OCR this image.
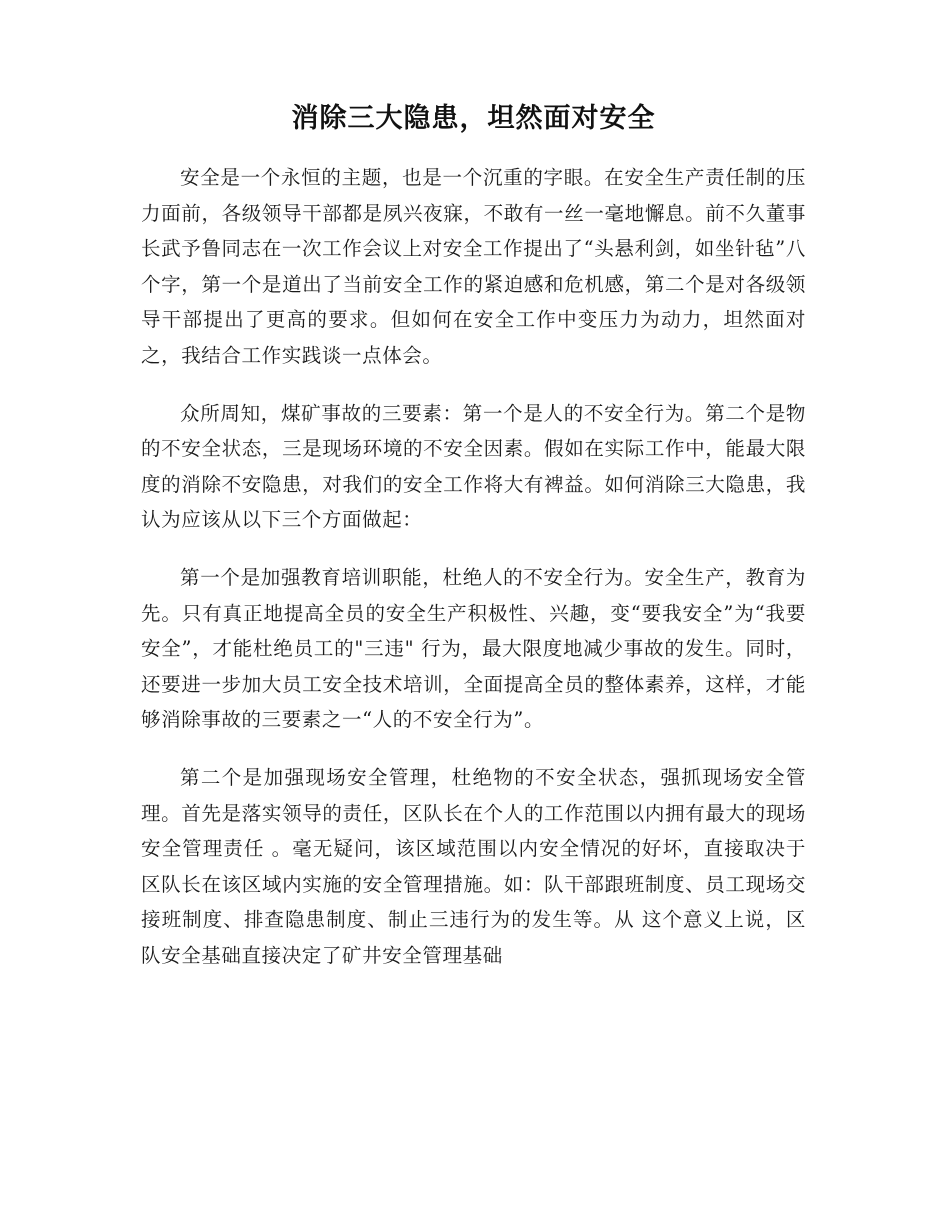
消除三大隐患，坦然面对安全

安全是一个永恒的主题，也是一个沉重的字眼。在安全生产责任制的压力面前，各级领导干部都是夙兴夜寐，不敢有一丝一毫地懈息。前不久董事长武予鲁同志在一次工作会议上对安全工作提出了“头悬利剑，如坐针毡”八个字，第一个是道出了当前安全工作的紧迫感和危机感，第二个是对各级领导干部提出了更高的要求。但如何在安全工作中变压力为动力，坦然面对之，我结合工作实践谈一点体会。

众所周知，煤矿事故的三要素：第一个是人的不安全行为。第二个是物的不安全状态，三是现场环境的不安全因素。假如在实际工作中，能最大限度的消除不安隐患，对我们的安全工作将大有裨益。如何消除三大隐患，我认为应该从以下三个方面做起：

第一个是加强教育培训职能，杜绝人的不安全行为。安全生产，教育为先。只有真正地提高全员的安全生产积极性、兴趣，变“要我安全”为“我要安全”，才能杜绝员工的"三违" 行为，最大限度地减少事故的发生。同时，还要进一步加大员工安全技术培训，全面提高全员的整体素养，这样，才能够消除事故的三要素之一“人的不安全行为”。

第二个是加强现场安全管理，杜绝物的不安全状态，强抓现场安全管理。首先是落实领导的责任，区队长在个人的工作范围以内拥有最大的现场安全管理责任 。毫无疑问，该区域范围以内安全情况的好坏，直接取决于区队长在该区域内实施的安全管理措施。如：队干部跟班制度、员工现场交接班制度、排查隐患制度、制止三违行为的发生等。从 这个意义上说，区队安全基础直接决定了矿井安全管理基础
